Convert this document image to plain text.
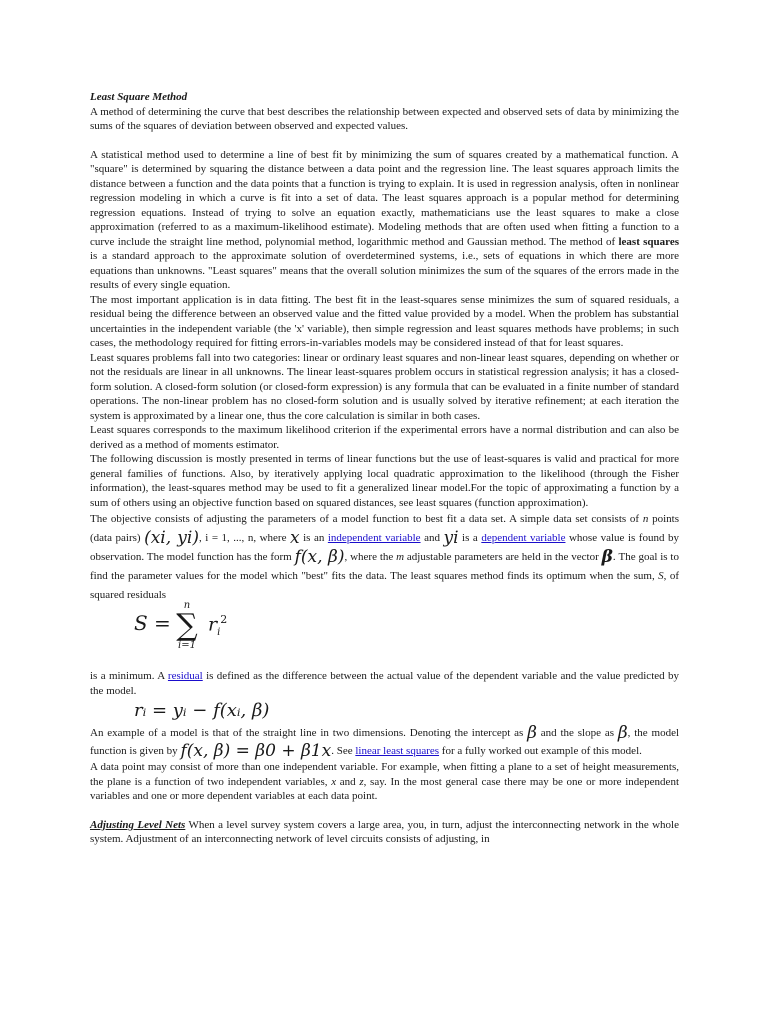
Least Square Method

A method of determining the curve that best describes the relationship between expected and observed sets of data by minimizing the sums of the squares of deviation between observed and expected values.

A statistical method used to determine a line of best fit by minimizing the sum of squares created by a mathematical function. A "square" is determined by squaring the distance between a data point and the regression line. The least squares approach limits the distance between a function and the data points that a function is trying to explain. It is used in regression analysis, often in nonlinear regression modeling in which a curve is fit into a set of data. The least squares approach is a popular method for determining regression equations. Instead of trying to solve an equation exactly, mathematicians use the least squares to make a close approximation (referred to as a maximum-likelihood estimate). Modeling methods that are often used when fitting a function to a curve include the straight line method, polynomial method, logarithmic method and Gaussian method. The method of least squares is a standard approach to the approximate solution of overdetermined systems, i.e., sets of equations in which there are more equations than unknowns. "Least squares" means that the overall solution minimizes the sum of the squares of the errors made in the results of every single equation.

The most important application is in data fitting. The best fit in the least-squares sense minimizes the sum of squared residuals, a residual being the difference between an observed value and the fitted value provided by a model. When the problem has substantial uncertainties in the independent variable (the 'x' variable), then simple regression and least squares methods have problems; in such cases, the methodology required for fitting errors-in-variables models may be considered instead of that for least squares.

Least squares problems fall into two categories: linear or ordinary least squares and non-linear least squares, depending on whether or not the residuals are linear in all unknowns. The linear least-squares problem occurs in statistical regression analysis; it has a closed-form solution. A closed-form solution (or closed-form expression) is any formula that can be evaluated in a finite number of standard operations. The non-linear problem has no closed-form solution and is usually solved by iterative refinement; at each iteration the system is approximated by a linear one, thus the core calculation is similar in both cases.

Least squares corresponds to the maximum likelihood criterion if the experimental errors have a normal distribution and can also be derived as a method of moments estimator.

The following discussion is mostly presented in terms of linear functions but the use of least-squares is valid and practical for more general families of functions. Also, by iteratively applying local quadratic approximation to the likelihood (through the Fisher information), the least-squares method may be used to fit a generalized linear model.For the topic of approximating a function by a sum of others using an objective function based on squared distances, see least squares (function approximation).

The objective consists of adjusting the parameters of a model function to best fit a data set. A simple data set consists of n points (data pairs) (xi, yi), i = 1, ..., n, where x is an independent variable and yi is a dependent variable whose value is found by observation. The model function has the form f(x, β), where the m adjustable parameters are held in the vector β. The goal is to find the parameter values for the model which "best" fits the data. The least squares method finds its optimum when the sum, S, of squared residuals

S =
n
∑
i=1
$r_i^2$

is a minimum. A residual is defined as the difference between the actual value of the dependent variable and the value predicted by the model.

rᵢ = yᵢ − f(xᵢ, β)

An example of a model is that of the straight line in two dimensions. Denoting the intercept as β and the slope as β, the model function is given by f(x, β) = β0 + β1x. See linear least squares for a fully worked out example of this model.

A data point may consist of more than one independent variable. For example, when fitting a plane to a set of height measurements, the plane is a function of two independent variables, x and z, say. In the most general case there may be one or more independent variables and one or more dependent variables at each data point.

Adjusting Level Nets When a level survey system covers a large area, you, in turn, adjust the interconnecting network in the whole system. Adjustment of an interconnecting network of level circuits consists of adjusting, in
